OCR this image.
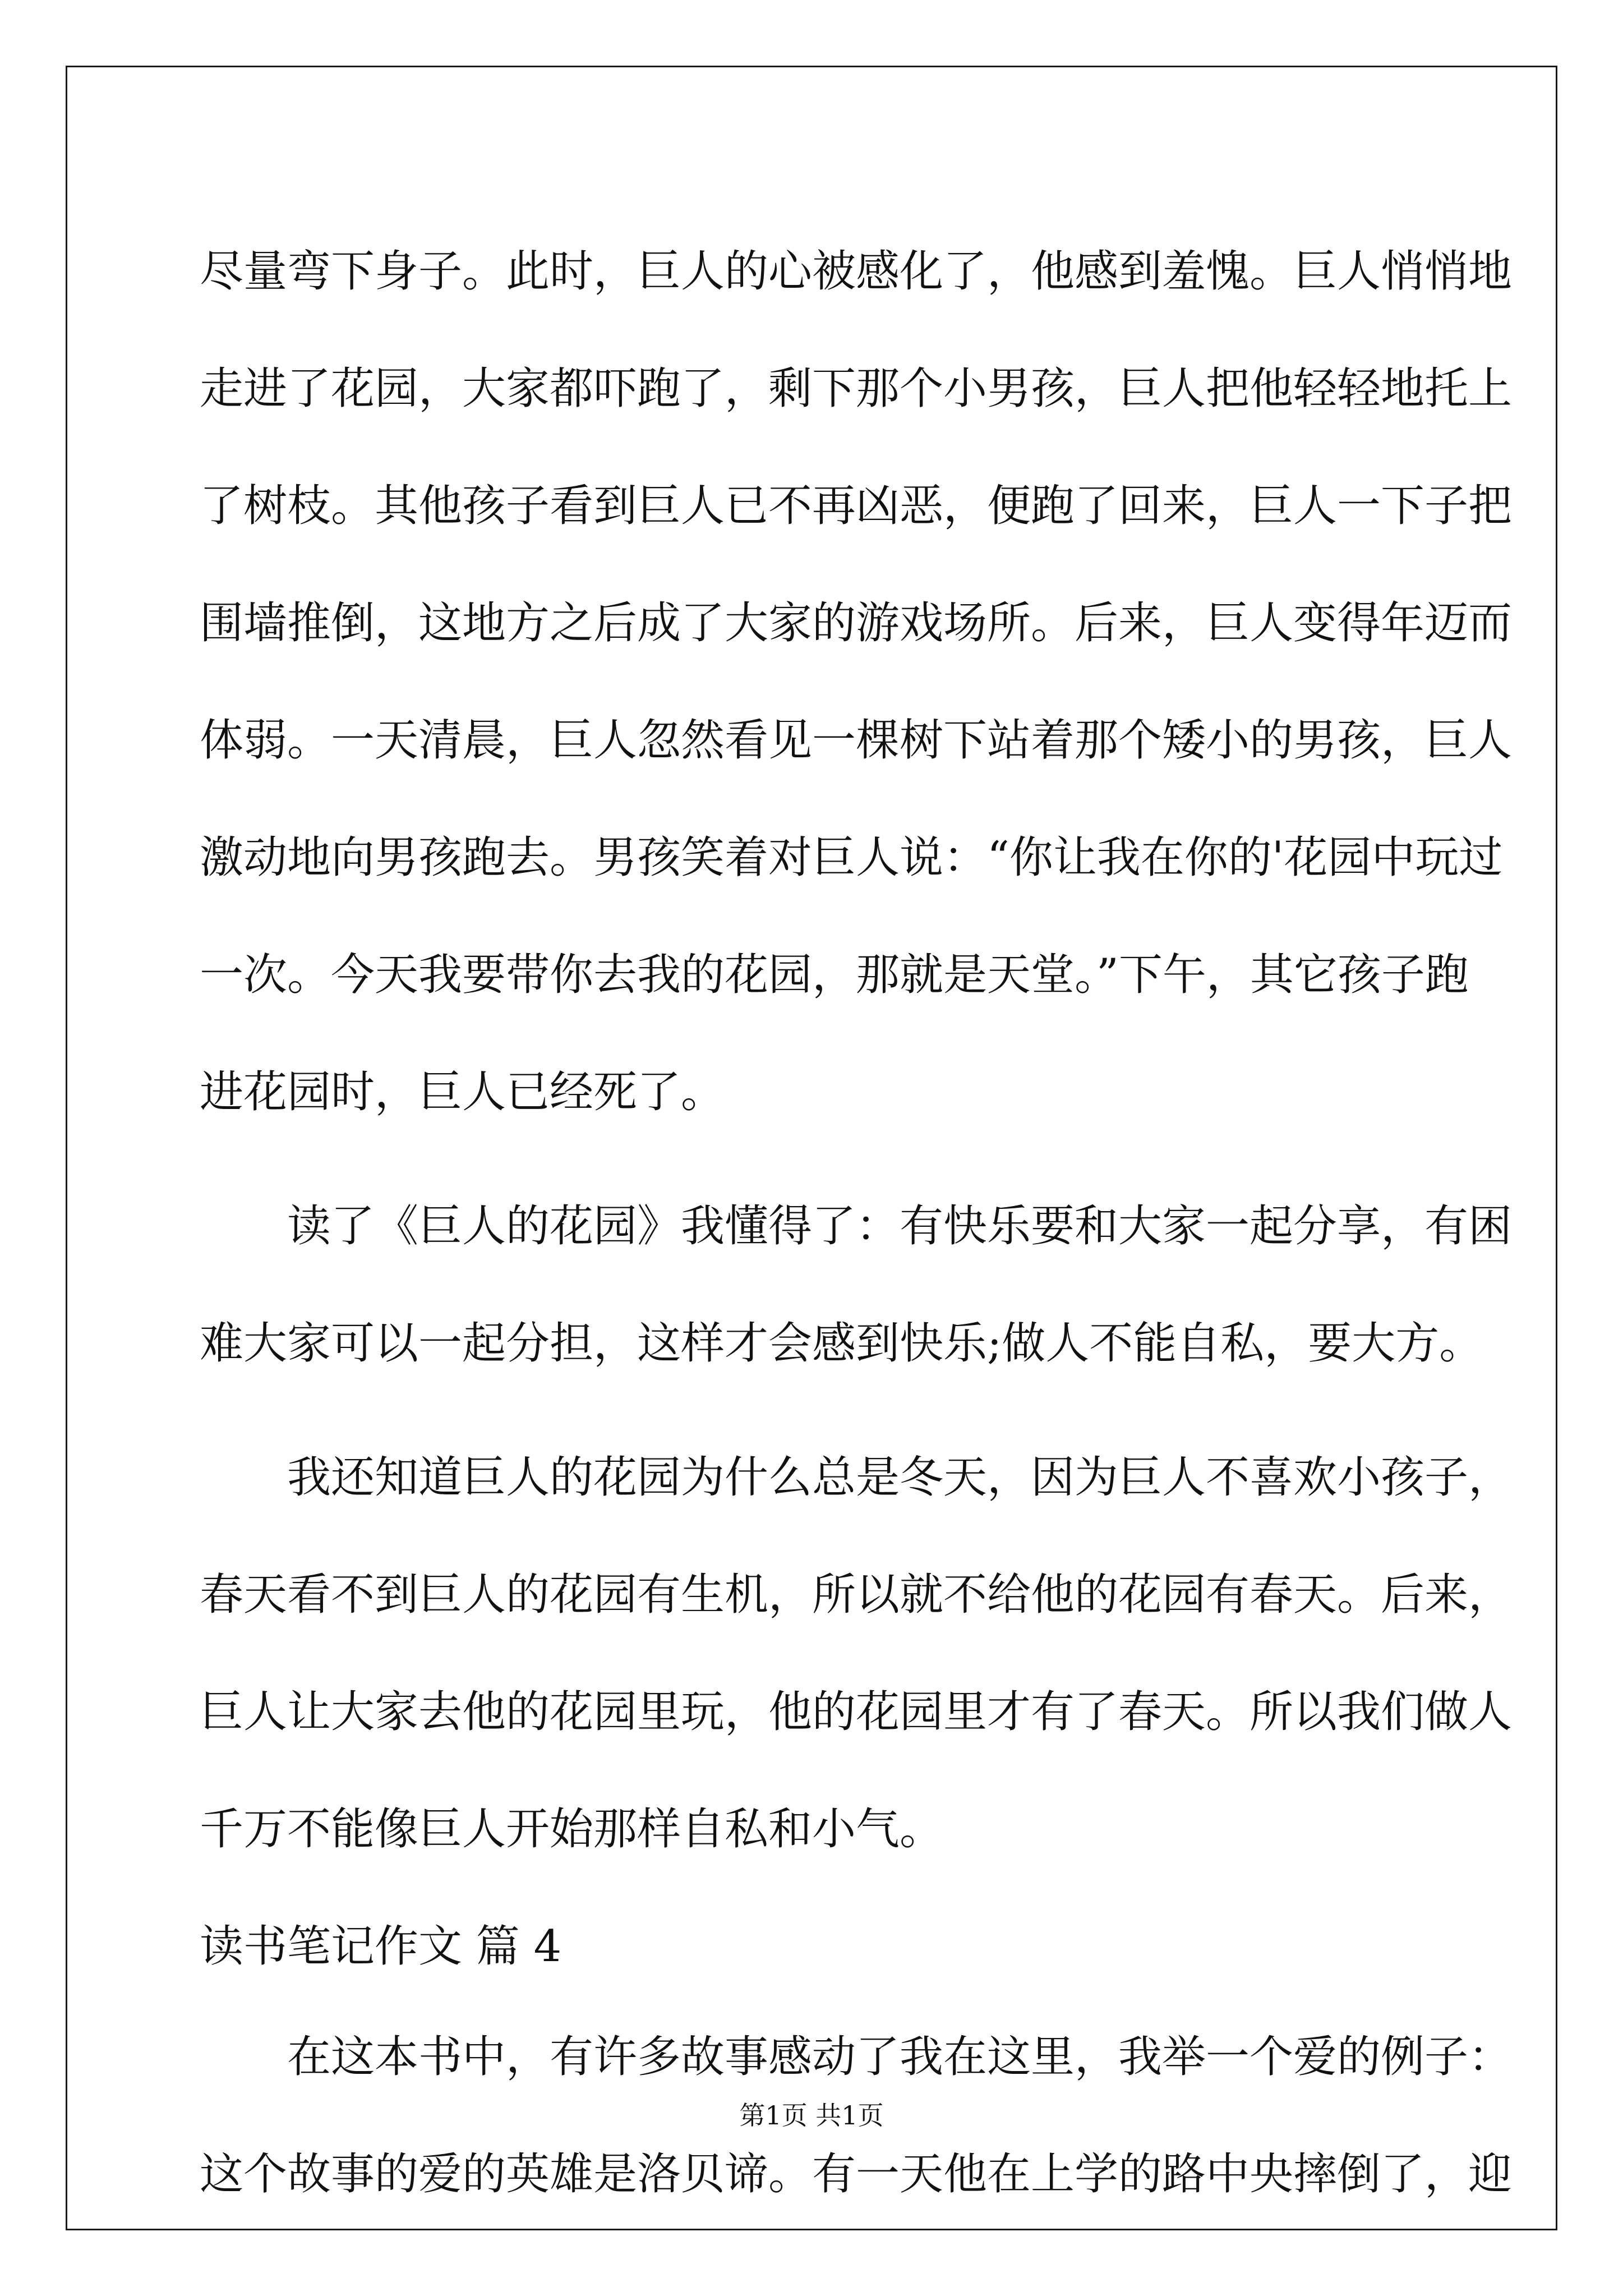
尽量弯下身子。此时，巨人的心被感化了，他感到羞愧。巨人悄悄地
走进了花园，大家都吓跑了，剩下那个小男孩，巨人把他轻轻地托上
了树枝。其他孩子看到巨人已不再凶恶，便跑了回来，巨人一下子把
围墙推倒，这地方之后成了大家的游戏场所。后来，巨人变得年迈而
体弱。一天清晨，巨人忽然看见一棵树下站着那个矮小的男孩，巨人
激动地向男孩跑去。男孩笑着对巨人说：“你让我在你的'花园中玩过
一次。今天我要带你去我的花园，那就是天堂。”下午，其它孩子跑
进花园时，巨人已经死了。
读了《巨人的花园》我懂得了：有快乐要和大家一起分享，有困
难大家可以一起分担，这样才会感到快乐;做人不能自私，要大方。
我还知道巨人的花园为什么总是冬天，因为巨人不喜欢小孩子，
春天看不到巨人的花园有生机，所以就不给他的花园有春天。后来，
巨人让大家去他的花园里玩，他的花园里才有了春天。所以我们做人
千万不能像巨人开始那样自私和小气。
读书笔记作文 篇 4
在这本书中，有许多故事感动了我在这里，我举一个爱的例子：
这个故事的爱的英雄是洛贝谛。有一天他在上学的路中央摔倒了，迎
第1页 共1页
